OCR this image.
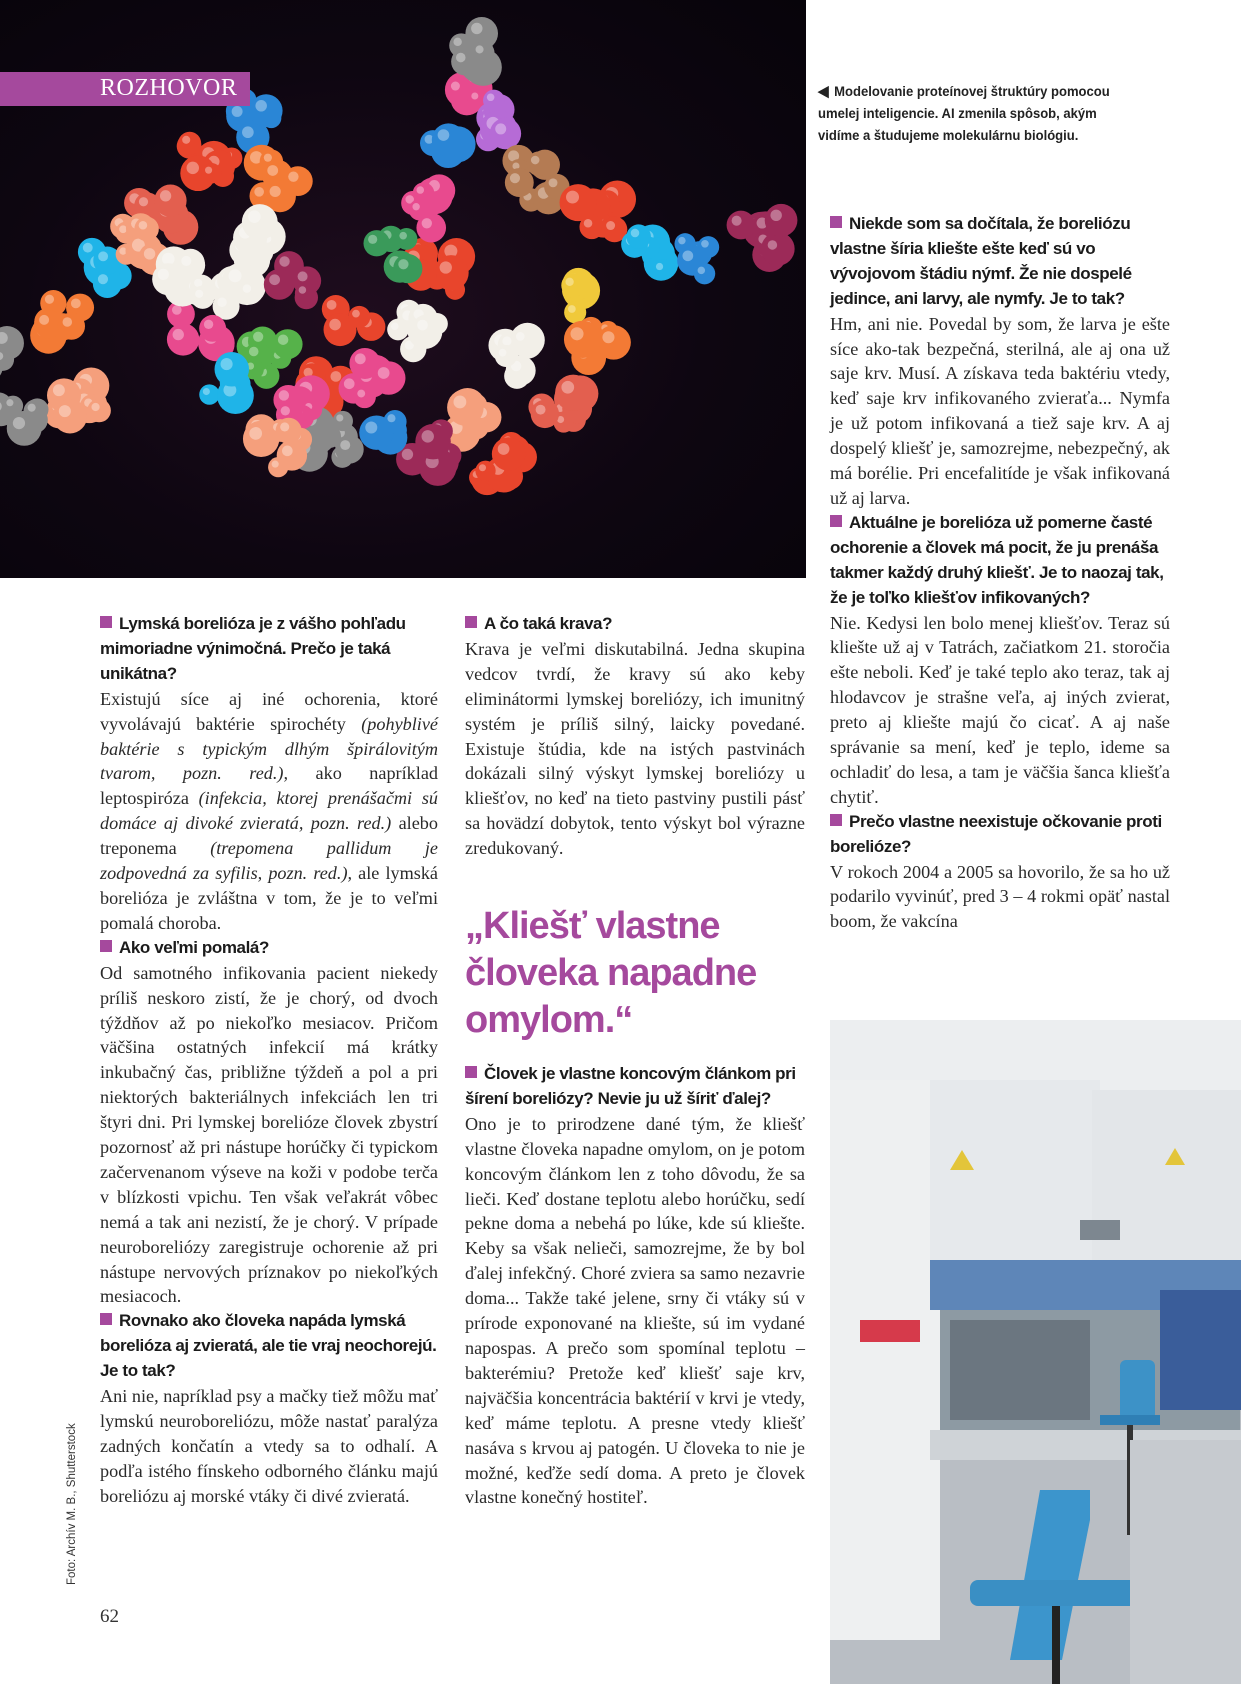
ROZHOVOR	◀ Modelovanie proteínovej štruktúry pomocou umelej inteligencie. AI zmenila spôsob, akým vidíme a študujeme molekulárnu biológiu.
Lymská borelióza je z vášho pohľadu mimoriadne výnimočná. Prečo je taká unikátna?
Existujú síce aj iné ochorenia, ktoré vyvolávajú baktérie spirochéty (pohyblivé baktérie s typickým dlhým špirálovitým tvarom, pozn. red.), ako napríklad leptospiróza (infekcia, ktorej prenášačmi sú domáce aj divoké zvieratá, pozn. red.) alebo treponema (trepomena pallidum je zodpovedná za syfilis, pozn. red.), ale lymská borelióza je zvláštna v tom, že je to veľmi pomalá choroba.
Ako veľmi pomalá?
Od samotného infikovania pacient niekedy príliš neskoro zistí, že je chorý, od dvoch týždňov až po niekoľko mesiacov. Pričom väčšina ostatných infekcií má krátky inkubačný čas, približne týždeň a pol a pri niektorých bakteriálnych infekciách len tri štyri dni. Pri lymskej borelióze človek zbystrí pozornosť až pri nástupe horúčky či typickom začervenanom výseve na koži v podobe terča v blízkosti vpichu. Ten však veľakrát vôbec nemá a tak ani nezistí, že je chorý. V prípade neuroboreliózy zaregistruje ochorenie až pri nástupe nervových príznakov po niekoľkých mesiacoch.
Rovnako ako človeka napáda lymská borelióza aj zvieratá, ale tie vraj neochorejú. Je to tak?
Ani nie, napríklad psy a mačky tiež môžu mať lymskú neuroboreliózu, môže nastať paralýza zadných končatín a vtedy sa to odhalí. A podľa istého fínskeho odborného článku majú boreliózu aj morské vtáky či divé zvieratá.
A čo taká krava?
Krava je veľmi diskutabilná. Jedna skupina vedcov tvrdí, že kravy sú ako keby eliminátormi lymskej boreliózy, ich imunitný systém je príliš silný, laicky povedané. Existuje štúdia, kde na istých pastvinách dokázali silný výskyt lymskej boreliózy u kliešťov, no keď na tieto pastviny pustili pásť sa hovädzí dobytok, tento výskyt bol výrazne zredukovaný.
„Kliešť vlastne človeka napadne omylom.“
Človek je vlastne koncovým článkom pri šírení boreliózy? Nevie ju už šíriť ďalej?
Ono je to prirodzene dané tým, že kliešť vlastne človeka napadne omylom, on je potom koncovým článkom len z toho dôvodu, že sa lieči. Keď dostane teplotu alebo horúčku, sedí pekne doma a nebehá po lúke, kde sú kliešte. Keby sa však nelieči, samozrejme, že by bol ďalej infekčný. Choré zviera sa samo nezavrie doma... Takže také jelene, srny či vtáky sú v prírode exponované na kliešte, sú im vydané napospas. A prečo som spomínal teplotu – bakterémiu? Pretože keď kliešť saje krv, najväčšia koncentrácia baktérií v krvi je vtedy, keď máme teplotu. A presne vtedy kliešť nasáva s krvou aj patogén. U človeka to nie je možné, keďže sedí doma. A preto je človek vlastne konečný hostiteľ.
Niekde som sa dočítala, že boreliózu vlastne šíria kliešte ešte keď sú vo vývojovom štádiu nýmf. Že nie dospelé jedince, ani larvy, ale nymfy. Je to tak?
Hm, ani nie. Povedal by som, že larva je ešte síce ako-tak bezpečná, sterilná, ale aj ona už saje krv. Musí. A získava teda baktériu vtedy, keď saje krv infikovaného zvieraťa... Nymfa je už potom infikovaná a tiež saje krv. A aj dospelý kliešť je, samozrejme, nebezpečný, ak má borélie. Pri encefalitíde je však infikovaná už aj larva.
Aktuálne je borelióza už pomerne časté ochorenie a človek má pocit, že ju prenáša takmer každý druhý kliešť. Je to naozaj tak, že je toľko kliešťov infikovaných?
Nie. Kedysi len bolo menej kliešťov. Teraz sú kliešte už aj v Tatrách, začiatkom 21. storočia ešte neboli. Keď je také teplo ako teraz, tak aj hlodavcov je strašne veľa, aj iných zvierat, preto aj kliešte majú čo cicať. A aj naše správanie sa mení, keď je teplo, ideme sa ochladiť do lesa, a tam je väčšia šanca kliešťa chytiť.
Prečo vlastne neexistuje očkovanie proti borelióze?
V rokoch 2004 a 2005 sa hovorilo, že sa ho už podarilo vyvinúť, pred 3 – 4 rokmi opäť nastal boom, že vakcína
Foto: Archív M. B., Shutterstock
62
